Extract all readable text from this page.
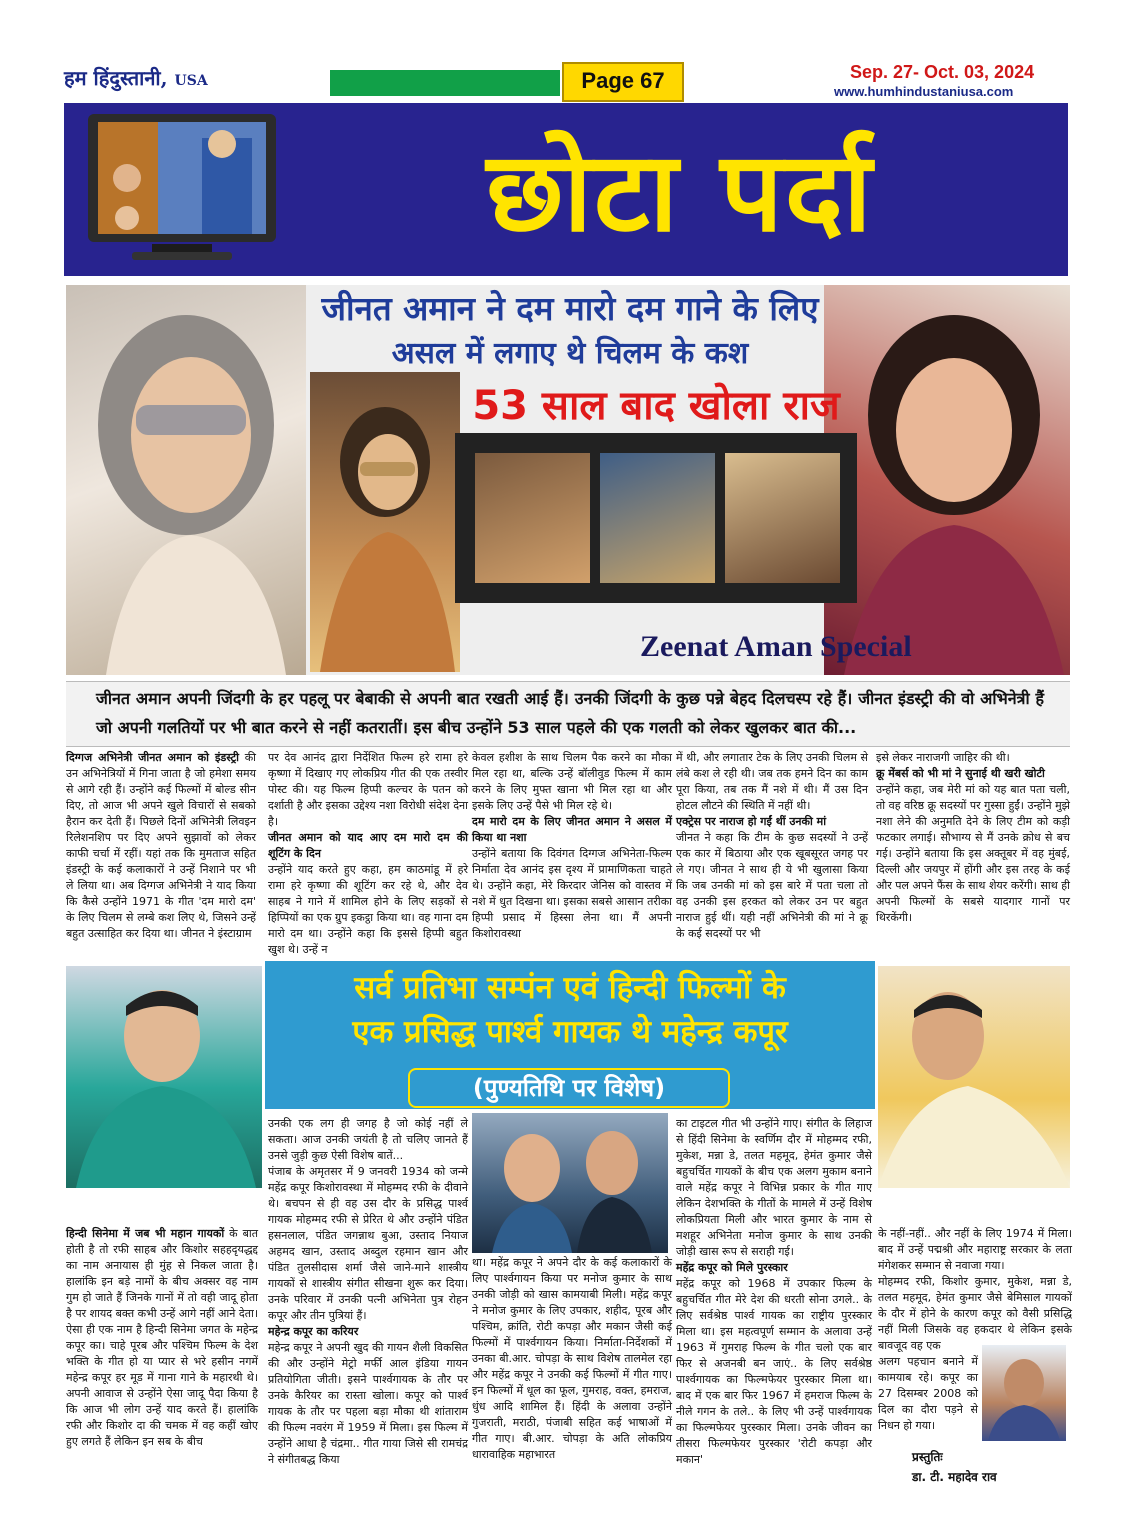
हम हिंदुस्तानी, USA	Page 67	Sep. 27- Oct. 03, 2024
www.humhindustaniusa.com
छोटा पर्दा
जीनत अमान ने दम मारो दम गाने के लिए
असल में लगाए थे चिलम के कश
53 साल बाद खोला राज
Zeenat Aman Special
जीनत अमान अपनी जिंदगी के हर पहलू पर बेबाकी से अपनी बात रखती आई हैं। उनकी जिंदगी के कुछ पन्ने बेहद दिलचस्प रहे हैं। जीनत इंडस्ट्री की वो अभिनेत्री हैं जो अपनी गलतियों पर भी बात करने से नहीं कतरातीं। इस बीच उन्होंने 53 साल पहले की एक गलती को लेकर खुलकर बात की...
दिग्गज अभिनेत्री जीनत अमान को इंडस्ट्री की उन अभिनेत्रियों में गिना जाता है जो हमेशा समय से आगे रही हैं। उन्होंने कई फिल्मों में बोल्ड सीन दिए, तो आज भी अपने खुले विचारों से सबको हैरान कर देती हैं। पिछले दिनों अभिनेत्री लिवइन रिलेशनशिप पर दिए अपने सुझावों को लेकर काफी चर्चा में रहीं। यहां तक कि मुमताज सहित इंडस्ट्री के कई कलाकारों ने उन्हें निशाने पर भी ले लिया था। अब दिग्गज अभिनेत्री ने याद किया कि कैसे उन्होंने 1971 के गीत 'दम मारो दम' के लिए चिलम से लम्बे कश लिए थे, जिसने उन्हें बहुत उत्साहित कर दिया था। जीनत ने इंस्टाग्राम
पर देव आनंद द्वारा निर्देशित फिल्म हरे रामा हरे कृष्णा में दिखाए गए लोकप्रिय गीत की एक तस्वीर पोस्ट की। यह फिल्म हिप्पी कल्चर के पतन को दर्शाती है और इसका उद्देश्य नशा विरोधी संदेश देना है।
जीनत अमान को याद आए दम मारो दम की शूटिंग के दिन
उन्होंने याद करते हुए कहा, हम काठमांडू में हरे रामा हरे कृष्णा की शूटिंग कर रहे थे, और देव साहब ने गाने में शामिल होने के लिए सड़कों से हिप्पियों का एक ग्रुप इकट्ठा किया था। वह गाना दम मारो दम था। उन्होंने कहा कि इससे हिप्पी बहुत खुश थे। उन्हें न
केवल हशीश के साथ चिलम पैक करने का मौका मिल रहा था, बल्कि उन्हें बॉलीवुड फिल्म में काम करने के लिए मुफ्त खाना भी मिल रहा था और इसके लिए उन्हें पैसे भी मिल रहे थे।
दम मारो दम के लिए जीनत अमान ने असल में किया था नशा
उन्होंने बताया कि दिवंगत दिग्गज अभिनेता-फिल्म निर्माता देव आनंद इस दृश्य में प्रामाणिकता चाहते थे। उन्होंने कहा, मेरे किरदार जेनिस को वास्तव में नशे में धुत दिखना था। इसका सबसे आसान तरीका हिप्पी प्रसाद में हिस्सा लेना था। मैं अपनी किशोरावस्था
में थी, और लगातार टेक के लिए उनकी चिलम से लंबे कश ले रही थी। जब तक हमने दिन का काम पूरा किया, तब तक मैं नशे में थी। मैं उस दिन होटल लौटने की स्थिति में नहीं थी।
एक्ट्रेस पर नाराज हो गईं थीं उनकी मां
जीनत ने कहा कि टीम के कुछ सदस्यों ने उन्हें एक कार में बिठाया और एक खूबसूरत जगह पर ले गए। जीनत ने साथ ही ये भी खुलासा किया कि जब उनकी मां को इस बारे में पता चला तो वह उनकी इस हरकत को लेकर उन पर बहुत नाराज हुई थीं। यही नहीं अभिनेत्री की मां ने क्रू के कई सदस्यों पर भी
इसे लेकर नाराजगी जाहिर की थी।
क्रू मेंबर्स को भी मां ने सुनाई थी खरी खोटी
उन्होंने कहा, जब मेरी मां को यह बात पता चली, तो वह वरिष्ठ क्रू सदस्यों पर गुस्सा हुईं। उन्होंने मुझे नशा लेने की अनुमति देने के लिए टीम को कड़ी फटकार लगाई। सौभाग्य से मैं उनके क्रोध से बच गई। उन्होंने बताया कि इस अक्तूबर में वह मुंबई, दिल्ली और जयपुर में होंगी और इस तरह के कई और पल अपने फैंस के साथ शेयर करेंगी। साथ ही अपनी फिल्मों के सबसे यादगार गानों पर थिरकेंगी।
सर्व प्रतिभा सम्पंन एवं हिन्दी फिल्मों के
एक प्रसिद्ध पार्श्व गायक थे महेन्द्र कपूर
(पुण्यतिथि पर विशेष)
हिन्दी सिनेमा में जब भी महान गायकों के बात होती है तो रफी साहब और किशोर सहहदृयद्धद्द का नाम अनायास ही मुंह से निकल जाता है। हालांकि इन बड़े नामों के बीच अक्सर वह नाम गुम हो जाते हैं जिनके गानों में तो वही जादू होता है पर शायद बक्त कभी उन्हें आगे नहीं आने देता। ऐसा ही एक नाम है हिन्दी सिनेमा जगत के महेन्द्र कपूर का। चाहे पूरब और पश्चिम फिल्म के देश भक्ति के गीत हो या प्यार से भरे हसीन नगमें महेन्द्र कपूर हर मूड में गाना गाने के महारथी थे। अपनी आवाज से उन्होंने ऐसा जादू पैदा किया है कि आज भी लोग उन्हें याद करते हैं। हालांकि रफी और किशोर दा की चमक में वह कहीं खोए हुए लगते हैं लेकिन इन सब के बीच
उनकी एक लग ही जगह है जो कोई नहीं ले सकता। आज उनकी जयंती है तो चलिए जानते हैं उनसे जुड़ी कुछ ऐसी विशेष बातें...
पंजाब के अमृतसर में 9 जनवरी 1934 को जन्मे महेंद्र कपूर किशोरावस्था में मोहम्मद रफी के दीवाने थे। बचपन से ही वह उस दौर के प्रसिद्ध पार्श्व गायक मोहम्मद रफी से प्रेरित थे और उन्होंने पंडित हसनलाल, पंडित जगन्नाथ बुआ, उस्ताद नियाज अहमद खान, उस्ताद अब्दुल रहमान खान और पंडित तुलसीदास शर्मा जैसे जाने-माने शास्त्रीय गायकों से शास्त्रीय संगीत सीखना शुरू कर दिया। उनके परिवार में उनकी पत्नी अभिनेता पुत्र रोहन कपूर और तीन पुत्रियां हैं।
महेन्द्र कपूर का करियर
महेन्द्र कपूर ने अपनी खुद की गायन शैली विकसित की और उन्होंने मेट्रो मर्फी आल इंडिया गायन प्रतियोगिता जीती। इसने पार्श्वगायक के तौर पर उनके कैरियर का रास्ता खोला। कपूर को पार्श्व गायक के तौर पर पहला बड़ा मौका थी शांताराम की फिल्म नवरंग में 1959 में मिला। इस फिल्म में उन्होंने आधा है चंद्रमा.. गीत गाया जिसे सी रामचंद्र ने संगीतबद्ध किया
था। महेंद्र कपूर ने अपने दौर के कई कलाकारों के लिए पार्श्वगायन किया पर मनोज कुमार के साथ उनकी जोड़ी को खास कामयाबी मिली। महेंद्र कपूर ने मनोज कुमार के लिए उपकार, शहीद, पूरब और पश्चिम, क्रांति, रोटी कपड़ा और मकान जैसी कई फिल्मों में पार्श्वगायन किया। निर्माता-निर्देशकों में उनका बी.आर. चोपड़ा के साथ विशेष तालमेल रहा और महेंद्र कपूर ने उनकी कई फिल्मों में गीत गाए। इन फिल्मों में धूल का फूल, गुमराह, वक्त, हमराज, धुंध आदि शामिल हैं। हिंदी के अलावा उन्होंने गुजराती, मराठी, पंजाबी सहित कई भाषाओं में गीत गाए। बी.आर. चोपड़ा के अति लोकप्रिय धारावाहिक महाभारत
का टाइटल गीत भी उन्होंने गाए। संगीत के लिहाज से हिंदी सिनेमा के स्वर्णिम दौर में मोहम्मद रफी, मुकेश, मन्ना डे, तलत महमूद, हेमंत कुमार जैसे बहुचर्चित गायकों के बीच एक अलग मुकाम बनाने वाले महेंद्र कपूर ने विभिन्न प्रकार के गीत गाए लेकिन देशभक्ति के गीतों के मामले में उन्हें विशेष लोकप्रियता मिली और भारत कुमार के नाम से मशहूर अभिनेता मनोज कुमार के साथ उनकी जोड़ी खास रूप से सराही गई।
महेंद्र कपूर को मिले पुरस्कार
महेंद्र कपूर को 1968 में उपकार फिल्म के बहुचर्चित गीत मेरे देश की धरती सोना उगले.. के लिए सर्वश्रेष्ठ पार्श्व गायक का राष्ट्रीय पुरस्कार मिला था। इस महत्वपूर्ण सम्मान के अलावा उन्हें 1963 में गुमराह फिल्म के गीत चलो एक बार फिर से अजनबी बन जाएं.. के लिए सर्वश्रेष्ठ पार्श्वगायक का फिल्मफेयर पुरस्कार मिला था। बाद में एक बार फिर 1967 में हमराज फिल्म के नीले गगन के तले.. के लिए भी उन्हें पार्श्वगायक का फिल्मफेयर पुरस्कार मिला। उनके जीवन का तीसरा फिल्मफेयर पुरस्कार 'रोटी कपड़ा और मकान'
के नहीं-नहीं.. और नहीं के लिए 1974 में मिला। बाद में उन्हें पद्मश्री और महाराष्ट्र सरकार के लता मंगेशकर सम्मान से नवाजा गया।
मोहम्मद रफी, किशोर कुमार, मुकेश, मन्ना डे, तलत महमूद, हेमंत कुमार जैसे बेमिसाल गायकों के दौर में होने के कारण कपूर को वैसी प्रसिद्धि नहीं मिली जिसके वह हकदार थे लेकिन इसके बावजूद वह एक
अलग पहचान बनाने में कामयाब रहे। कपूर का 27 दिसम्बर 2008 को दिल का दौरा पड़ने से निधन हो गया।
प्रस्तुतिः
डा. टी. महादेव राव
